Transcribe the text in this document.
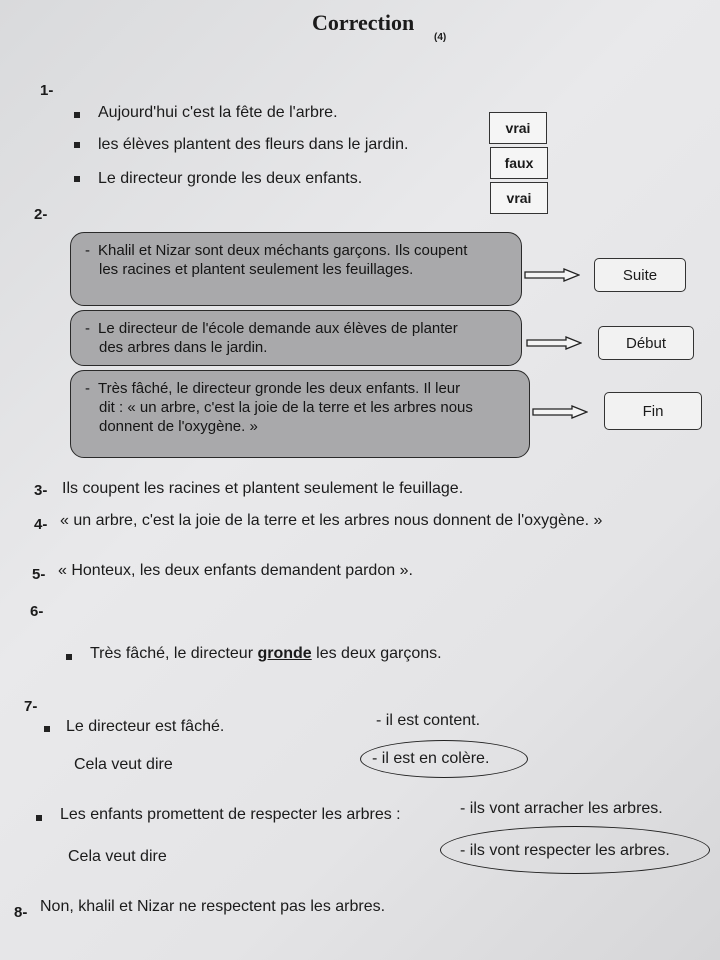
Correction
(4)
1-
Aujourd'hui c'est la fête de l'arbre.
vrai
les élèves plantent des fleurs dans le jardin.
faux
Le directeur gronde les deux enfants.
vrai
2-
- Khalil et Nizar sont deux méchants garçons. Ils coupent
les racines et plantent seulement les feuillages.	Suite
- Le directeur de l'école demande aux élèves de planter
des arbres dans le jardin.	Début
- Très fâché, le directeur gronde les deux enfants. Il leur
dit : « un arbre, c'est la joie de la terre et les arbres nous
donnent de l'oxygène. »
Fin
3- Ils coupent les racines et plantent seulement le feuillage.
4- « un arbre, c'est la joie de la terre et les arbres nous donnent de l'oxygène. »
5- « Honteux, les deux enfants demandent pardon ».
6-
Très fâché, le directeur gronde les deux garçons.
7-
Le directeur est fâché.
Cela veut dire
- il est content.
- il est en colère.
Les enfants promettent de respecter les arbres :
Cela veut dire
- ils vont arracher les arbres.
- ils vont respecter les arbres.
8- Non, khalil et Nizar ne respectent pas les arbres.
